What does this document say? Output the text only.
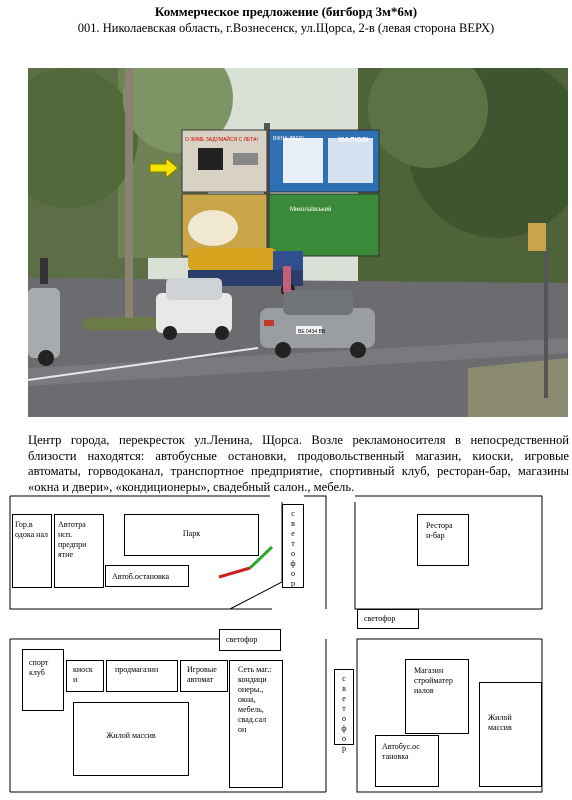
Коммерческое предложение (бигборд 3м*6м)
001. Николаевская область, г.Вознесенск, ул.Щорса, 2-в (левая сторона ВЕРХ)
О ЗИМЕ ЗАДУМАЙСЯ С ЛЕТА!	ВІКНА ДВЕРІ	ЖАЛЮЗІ
Миколаївський
ВЕ 0434 ВВ
Центр города, перекресток ул.Ленина, Щорса. Возле рекламоносителя в непосредственной близости находятся: автобусные остановки, продовольственный магазин, киоски, игровые автоматы, горводоканал, транспортное предприятие, спортивный клуб, ресторан-бар, магазины «окна и двери», «кондиционеры», свадебный салон., мебель.
Гор.в одока нал
Автотра нсп. предпри ятие
Парк
Автоб.остановка
с в е т о ф о р
Рестора н-бар
светофор
светофор
спорт клуб	киоск и
продмагазин	Игровые автомат
Сеть маг.: кондици онеры., окна, мебель, свад.сал он
Жилой массив
с в е т о ф о р
Магазин стройматер иалов
Жилой массив
Автобус.ос тановка
